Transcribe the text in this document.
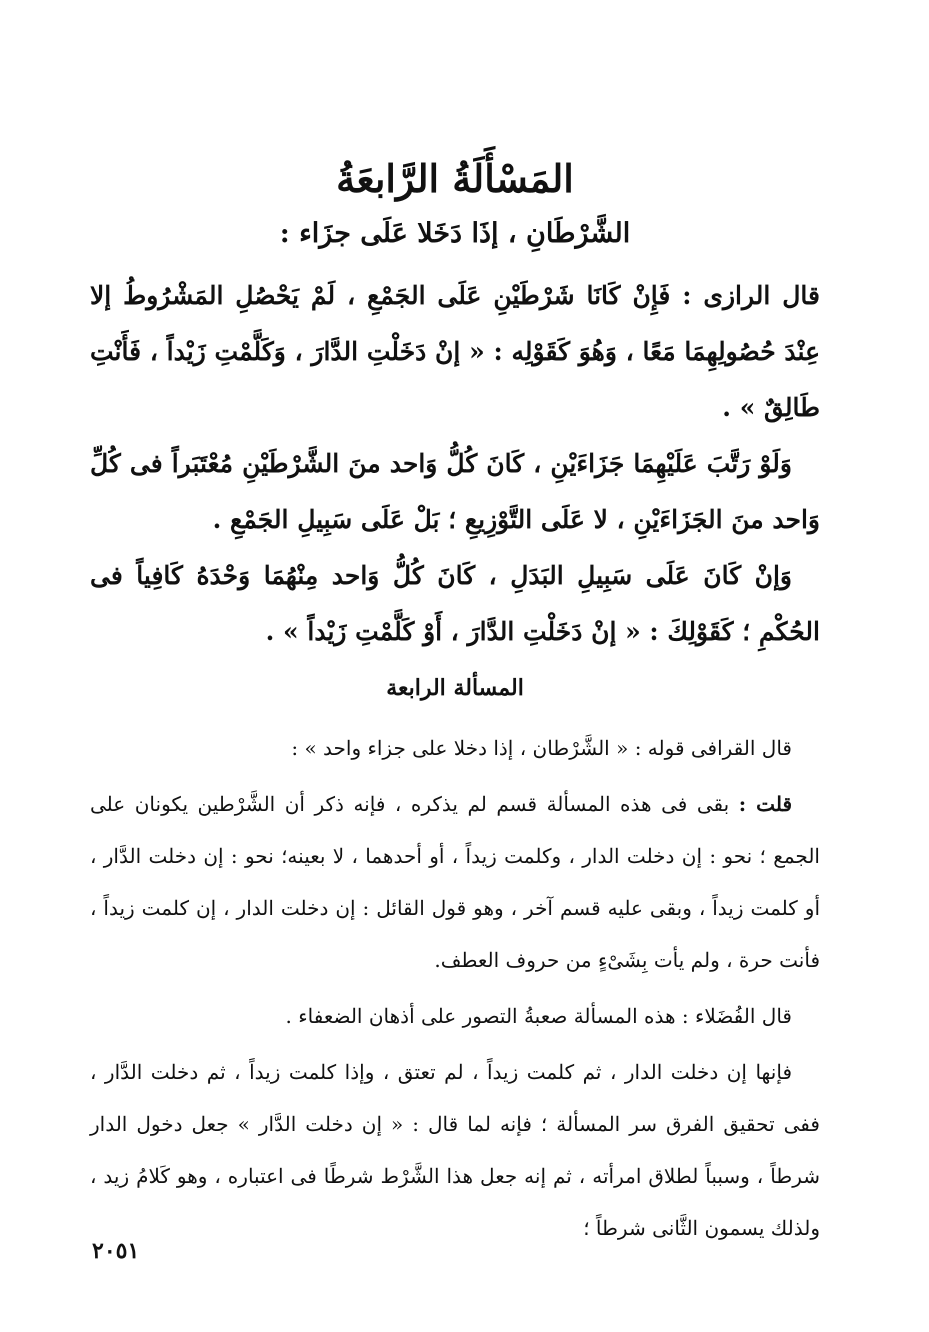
المَسْأَلَةُ الرَّابعَةُ
الشَّرْطَانِ ، إذَا دَخَلا عَلَى جزَاء :

قال الرازى : فَإِنْ كَانَا شَرْطَيْنِ عَلَى الجَمْعِ ، لَمْ يَحْصُلِ المَشْرُوطُ إلا عِنْدَ حُصُولِهِمَا مَعًا ، وَهُوَ كَقَوْلِه : « إنْ دَخَلْتِ الدَّارَ ، وَكَلَّمْتِ زَيْداً ، فَأَنْتِ طَالِقٌ » .

وَلَوْ رَتَّبَ عَلَيْهِمَا جَزَاءَيْنِ ، كَانَ كُلُّ وَاحد منَ الشَّرْطَيْنِ مُعْتَبَراً فى كُلِّ وَاحد منَ الجَزَاءَيْنِ ، لا عَلَى التَّوْزِيعِ ؛ بَلْ عَلَى سَبِيلِ الجَمْعِ .

وَإنْ كَانَ عَلَى سَبِيلِ البَدَلِ ، كَانَ كُلُّ وَاحد مِنْهُمَا وَحْدَهُ كَافِياً فى الحُكْمِ ؛ كَقَوْلِكَ : « إنْ دَخَلْتِ الدَّارَ ، أَوْ كَلَّمْتِ زَيْداً » .

المسألة الرابعة

قال القرافى قوله : « الشَّرْطان ، إذا دخلا على جزاء واحد » :

قلت : بقى فى هذه المسألة قسم لم يذكره ، فإنه ذكر أن الشَّرْطين يكونان على الجمع ؛ نحو : إن دخلت الدار ، وكلمت زيداً ، أو أحدهما ، لا بعينه؛ نحو : إن دخلت الدَّار ، أو كلمت زيداً ، وبقى عليه قسم آخر ، وهو قول القائل : إن دخلت الدار ، إن كلمت زيداً ، فأنت حرة ، ولم يأت بِشَىْءٍ من حروف العطف.

قال الفُضَلاء : هذه المسألة صعبةُ التصور على أذهان الضعفاء .

فإنها إن دخلت الدار ، ثم كلمت زيداً ، لم تعتق ، وإذا كلمت زيداً ، ثم دخلت الدَّار ، ففى تحقيق الفرق سر المسألة ؛ فإنه لما قال : « إن دخلت الدَّار » جعل دخول الدار شرطاً ، وسبباً لطلاق امرأته ، ثم إنه جعل هذا الشَّرْط شرطًا فى اعتباره ، وهو كَلامُ زيد ، ولذلك يسمون الثَّانى شرطاً ؛

٢٠٥١
